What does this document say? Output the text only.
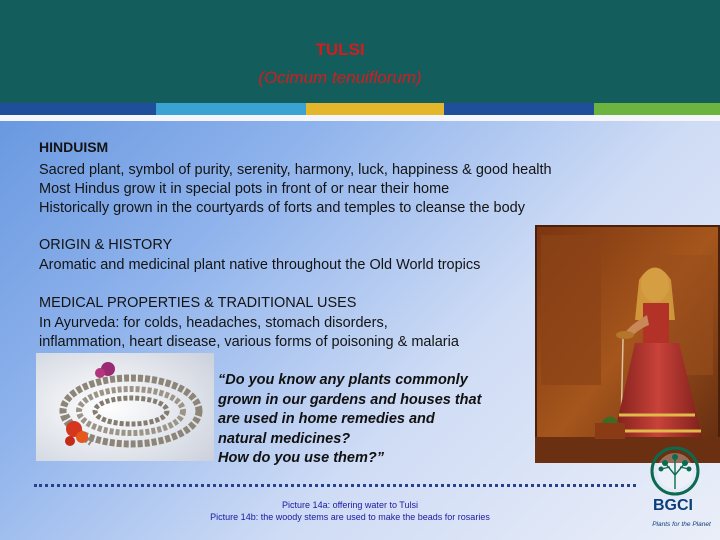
TULSI
(Ocimum tenuiflorum)
HINDUISM
Sacred plant, symbol of purity, serenity, harmony, luck, happiness & good health
Most Hindus grow it in special pots in front of or near their home
Historically grown in the courtyards of forts and temples to cleanse the body
ORIGIN & HISTORY
Aromatic and medicinal plant native throughout the Old World tropics
MEDICAL PROPERTIES & TRADITIONAL USES
In Ayurveda: for colds, headaches, stomach disorders,
inflammation, heart disease, various forms of poisoning & malaria
“Do you know any plants commonly
grown in our gardens and houses that
are used in home remedies and
natural medicines?
How do you use them?”
Picture 14a: offering water to Tulsi
Picture 14b: the woody stems are used to make the beads for rosaries
BGCI
Plants for the Planet
